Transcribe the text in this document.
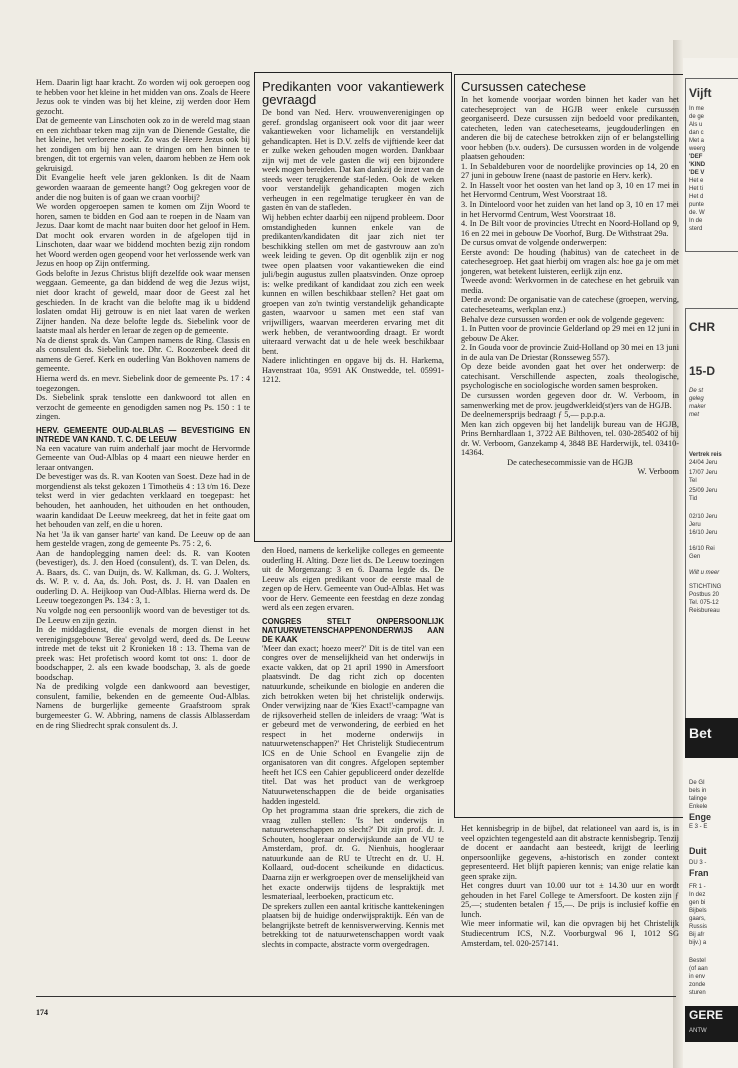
Hem. Daarin ligt haar kracht. Zo worden wij ook geroepen oog te hebben voor het kleine in het midden van ons. Zoals de Heere Jezus ook te vinden was bij het kleine, zij werden door Hem gezocht.

Dat de gemeente van Linschoten ook zo in de wereld mag staan en een zichtbaar teken mag zijn van de Dienende Gestalte, die het kleine, het verlorene zoekt. Zo was de Heere Jezus ook bij het zondigen om bij hen aan te dringen om hen binnen te brengen, dit tot ergernis van velen, daarom hebben ze Hem ook gekruisigd.

Dit Evangelie heeft vele jaren geklonken. Is dit de Naam geworden waaraan de gemeente hangt? Oog gekregen voor de ander die nog buiten is of gaan we craan voorbij?

We worden opgeroepen samen te komen om Zijn Woord te horen, samen te bidden en God aan te roepen in de Naam van Jezus. Daar komt de macht naar buiten door het geloof in Hem. Dat mocht ook ervaren worden in de afgelopen tijd in Linschoten, daar waar we biddend mochten bezig zijn rondom het Woord werden ogen geopend voor het verlossende werk van Jezus en hoop op Zijn ontferming.

Gods belofte in Jezus Christus blijft dezelfde ook waar mensen weggaan. Gemeente, ga dan biddend de weg die Jezus wijst, niet door kracht of geweld, maar door de Geest zal het geschieden. In de kracht van die belofte mag ik u biddend loslaten omdat Hij getrouw is en niet laat varen de werken Zijner handen. Na deze belofte legde ds. Siebelink voor de laatste maal als herder en leraar de zegen op de gemeente.

Na de dienst sprak ds. Van Campen namens de Ring. Classis en als consulent ds. Siebelink toe. Dhr. C. Roozenbeek deed dit namens de Geref. Kerk en ouderling Van Bokhoven namens de gemeente.

Hierna werd ds. en mevr. Siebelink door de gemeente Ps. 17 : 4 toegezongen.

Ds. Siebelink sprak tenslotte een dankwoord tot allen en verzocht de gemeente en genodigden samen nog Ps. 150 : 1 te zingen.

HERV. GEMEENTE OUD-ALBLAS — BEVESTIGING EN INTREDE VAN KAND. T. C. DE LEEUW

Na een vacature van ruim anderhalf jaar mocht de Hervormde Gemeente van Oud-Alblas op 4 maart een nieuwe herder en leraar ontvangen.

De bevestiger was ds. R. van Kooten van Soest. Deze had in de morgendienst als tekst gekozen 1 Timotheüs 4 : 13 t/m 16. Deze tekst werd in vier gedachten verklaard en toegepast: het behouden, het aanhouden, het uithouden en het onthouden, waarin kandidaat De Leeuw meekreeg, dat het in feite gaat om het behouden van zelf, en die u horen.

Na het 'Ja ik van ganser harte' van kand. De Leeuw op de aan hem gestelde vragen, zong de gemeente Ps. 75 : 2, 6.

Aan de handoplegging namen deel: ds. R. van Kooten (bevestiger), ds. J. den Hoed (consulent), ds. T. van Delen, ds. A. Baars, ds. C. van Duijn, ds. W. Kalkman, ds. G. J. Wolters, ds. W. P. v. d. Aa, ds. Joh. Post, ds. J. H. van Daalen en ouderling D. A. Heijkoop van Oud-Alblas. Hierna werd ds. De Leeuw toegezongen Ps. 134 : 3, 1.

Nu volgde nog een persoonlijk woord van de bevestiger tot ds. De Leeuw en zijn gezin.

In de middagdienst, die evenals de morgen dienst in het verenigingsgebouw 'Berea' gevolgd werd, deed ds. De Leeuw intrede met de tekst uit 2 Kronieken 18 : 13. Thema van de preek was: Het profetisch woord komt tot ons: 1. door de boodschapper, 2. als een kwade boodschap, 3. als de goede boodschap.

Na de prediking volgde een dankwoord aan bevestiger, consulent, familie, bekenden en de gemeente Oud-Alblas. Namens de burgerlijke gemeente Graafstroom sprak burgemeester G. W. Abbring, namens de classis Alblasserdam en de ring Sliedrecht sprak consulent ds. J.

Predikanten voor vakantiewerk gevraagd

De bond van Ned. Herv. vrouwenverenigingen op geref. grondslag organiseert ook voor dit jaar weer vakantieweken voor lichamelijk en verstandelijk gehandicapten. Het is D.V. zelfs de vijftiende keer dat er zulke weken gehouden mogen worden. Dankbaar zijn wij met de vele gasten die wij een bijzondere week mogen bereiden. Dat kan dankzij de inzet van de steeds weer terugkerende staf-leden. Ook de weken voor verstandelijk gehandicapten mogen zich verheugen in een regelmatige terugkeer èn van de gasten èn van de stafleden.

Wij hebben echter daarbij een nijpend probleem. Door omstandigheden kunnen enkele van de predikanten/kandidaten dit jaar zich niet ter beschikking stellen om met de gastvrouw aan zo'n week leiding te geven. Op dit ogenblik zijn er nog twee open plaatsen voor vakantieweken die eind juli/begin augustus zullen plaatsvinden. Onze oproep is: welke predikant of kandidaat zou zich een week kunnen en willen beschikbaar stellen? Het gaat om groepen van zo'n twintig verstandelijk gehandicapte gasten, waarvoor u samen met een staf van vrijwilligers, waarvan meerderen ervaring met dit werk hebben, de verantwoording draagt. Er wordt uiteraard verwacht dat u de hele week beschikbaar bent.

Nadere inlichtingen en opgave bij ds. H. Harkema, Havenstraat 10a, 9591 AK Onstwedde, tel. 05991-1212.

den Hoed, namens de kerkelijke colleges en gemeente ouderling H. Alting. Deze liet ds. De Leeuw toezingen uit de Morgenzang: 3 en 6. Daarna legde ds. De Leeuw als eigen predikant voor de eerste maal de zegen op de Herv. Gemeente van Oud-Alblas. Het was voor de Herv. Gemeente een feestdag en deze zondag werd als een zegen ervaren.

CONGRES STELT ONPERSOONLIJK NATUURWETENSCHAPPENONDERWIJS AAN DE KAAK

'Meer dan exact; hoezo meer?' Dit is de titel van een congres over de menselijkheid van het onderwijs in exacte vakken, dat op 21 april 1990 in Amersfoort plaatsvindt. De dag richt zich op docenten natuurkunde, scheikunde en biologie en anderen die zich betrokken weten bij het christelijk onderwijs. Onder verwijzing naar de 'Kies Exact!'-campagne van de rijksoverheid stellen de inleiders de vraag: 'Wat is er gebeurd met de verwondering, de eerbied en het respect in het moderne onderwijs in natuurwetenschappen?' Het Christelijk Studiecentrum ICS en de Unie School en Evangelie zijn de organisatoren van dit congres. Afgelopen september heeft het ICS een Cahier gepubliceerd onder dezelfde titel. Dat was het product van de werkgroep Natuurwetenschappen die de beide organisaties hadden ingesteld.

Op het programma staan drie sprekers, die zich de vraag zullen stellen: 'Is het onderwijs in natuurwetenschappen zo slecht?' Dit zijn prof. dr. J. Schouten, hoogleraar onderwijskunde aan de VU te Amsterdam, prof. dr. G. Nienhuis, hoogleraar natuurkunde aan de RU te Utrecht en dr. U. H. Kollaard, oud-docent scheikunde en didacticus. Daarna zijn er werkgroepen over de menselijkheid van het exacte onderwijs tijdens de lespraktijk met lesmateriaal, leerboeken, practicum etc.

De sprekers zullen een aantal kritische kanttekeningen plaatsen bij de huidige onderwijspraktijk. Eén van de belangrijkste betreft de kennisverwerving. Kennis met betrekking tot de natuurwetenschappen wordt vaak slechts in compacte, abstracte vorm overgedragen.

Cursussen catechese

In het komende voorjaar worden binnen het kader van het catecheseproject van de HGJB weer enkele cursussen georganiseerd. Deze cursussen zijn bedoeld voor predikanten, catecheten, leden van catecheseteams, jeugdouderlingen en anderen die bij de catechese betrokken zijn of er belangstelling voor hebben (b.v. ouders). De cursussen worden in de volgende plaatsen gehouden:

1. In Sebaldeburen voor de noordelijke provincies op 14, 20 en 27 juni in gebouw Irene (naast de pastorie en Herv. kerk).

2. In Hasselt voor het oosten van het land op 3, 10 en 17 mei in het Hervormd Centrum, West Voorstraat 18.

3. In Dinteloord voor het zuiden van het land op 3, 10 en 17 mei in het Hervormd Centrum, West Voorstraat 18.

4. In De Bilt voor de provincies Utrecht en Noord-Holland op 9, 16 en 22 mei in gebouw De Voorhof, Burg. De Withstraat 29a.

De cursus omvat de volgende onderwerpen:

Eerste avond: De houding (habitus) van de catecheet in de catechesegroep. Het gaat hierbij om vragen als: hoe ga je om met jongeren, wat betekent luisteren, eerlijk zijn enz.

Tweede avond: Werkvormen in de catechese en het gebruik van media.

Derde avond: De organisatie van de catechese (groepen, werving, catecheseteams, werkplan enz.)

Behalve deze cursussen worden er ook de volgende gegeven:

1. In Putten voor de provincie Gelderland op 29 mei en 12 juni in gebouw De Aker.

2. In Gouda voor de provincie Zuid-Holland op 30 mei en 13 juni in de aula van De Driestar (Ronsseweg 557).

Op deze beide avonden gaat het over het onderwerp: de catechisant. Verschillende aspecten, zoals theologische, psychologische en sociologische worden samen besproken.

De cursussen worden gegeven door dr. W. Verboom, in samenwerking met de prov. jeugdwerkleid(st)ers van de HGJB.

De deelnemersprijs bedraagt ƒ 5,— p.p.p.a.

Men kan zich opgeven bij het landelijk bureau van de HGJB, Prins Bernhardlaan 1, 3722 AE Bilthoven, tel. 030-285402 of bij dr. W. Verboom, Ganzekamp 4, 3848 BE Harderwijk, tel. 03410-14364.

De catechesecommissie van de HGJB

W. Verboom

Het kennisbegrip in de bijbel, dat relationeel van aard is, is in veel opzichten tegengesteld aan dit abstracte kennisbegrip. Tenzij de docent er aandacht aan besteedt, krijgt de leerling onpersoonlijke gegevens, a-historisch en zonder context gepresenteerd. Het blijft papieren kennis; van enige relatie kan geen sprake zijn.

Het congres duurt van 10.00 uur tot ± 14.30 uur en wordt gehouden in het Farel College te Amersfoort. De kosten zijn ƒ 25,—; studenten betalen ƒ 15,—. De prijs is inclusief koffie en lunch.

Wie meer informatie wil, kan die opvragen bij het Christelijk Studiecentrum ICS, N.Z. Voorburgwal 96 I, 1012 SG Amsterdam, tel. 020-257141.

174
Vijft
In me
de ge
Als u
dan c
Met a
weerg
'DEF
'KIND
'DE V
Het e
Het ti
Het d
punte
de. W
In de
sterd
CHR
15-D
De st
geleg
maker
met
Vertrek reis
24/04 Jeru
17/07 Jeru
Tel
25/09 Jeru
Tid
02/10 Jeru
Jeru
16/10 Jeru
16/10 Rei
Gen
Wilt u meer
STICHTING
Postbus 20
Tel. 075-12
Reisbureau
Bet
De GI
bels in
talinge
Enkele
Enge
E 3 - E
Duit
DU 3 -
Fran
FR 1 -
In dez
gen bi
Bijbels
gaars,
Russis
Bij afr
bijv.) a
Bestel
(of aan
in env
zonde
sturen
GERE
ANTW
